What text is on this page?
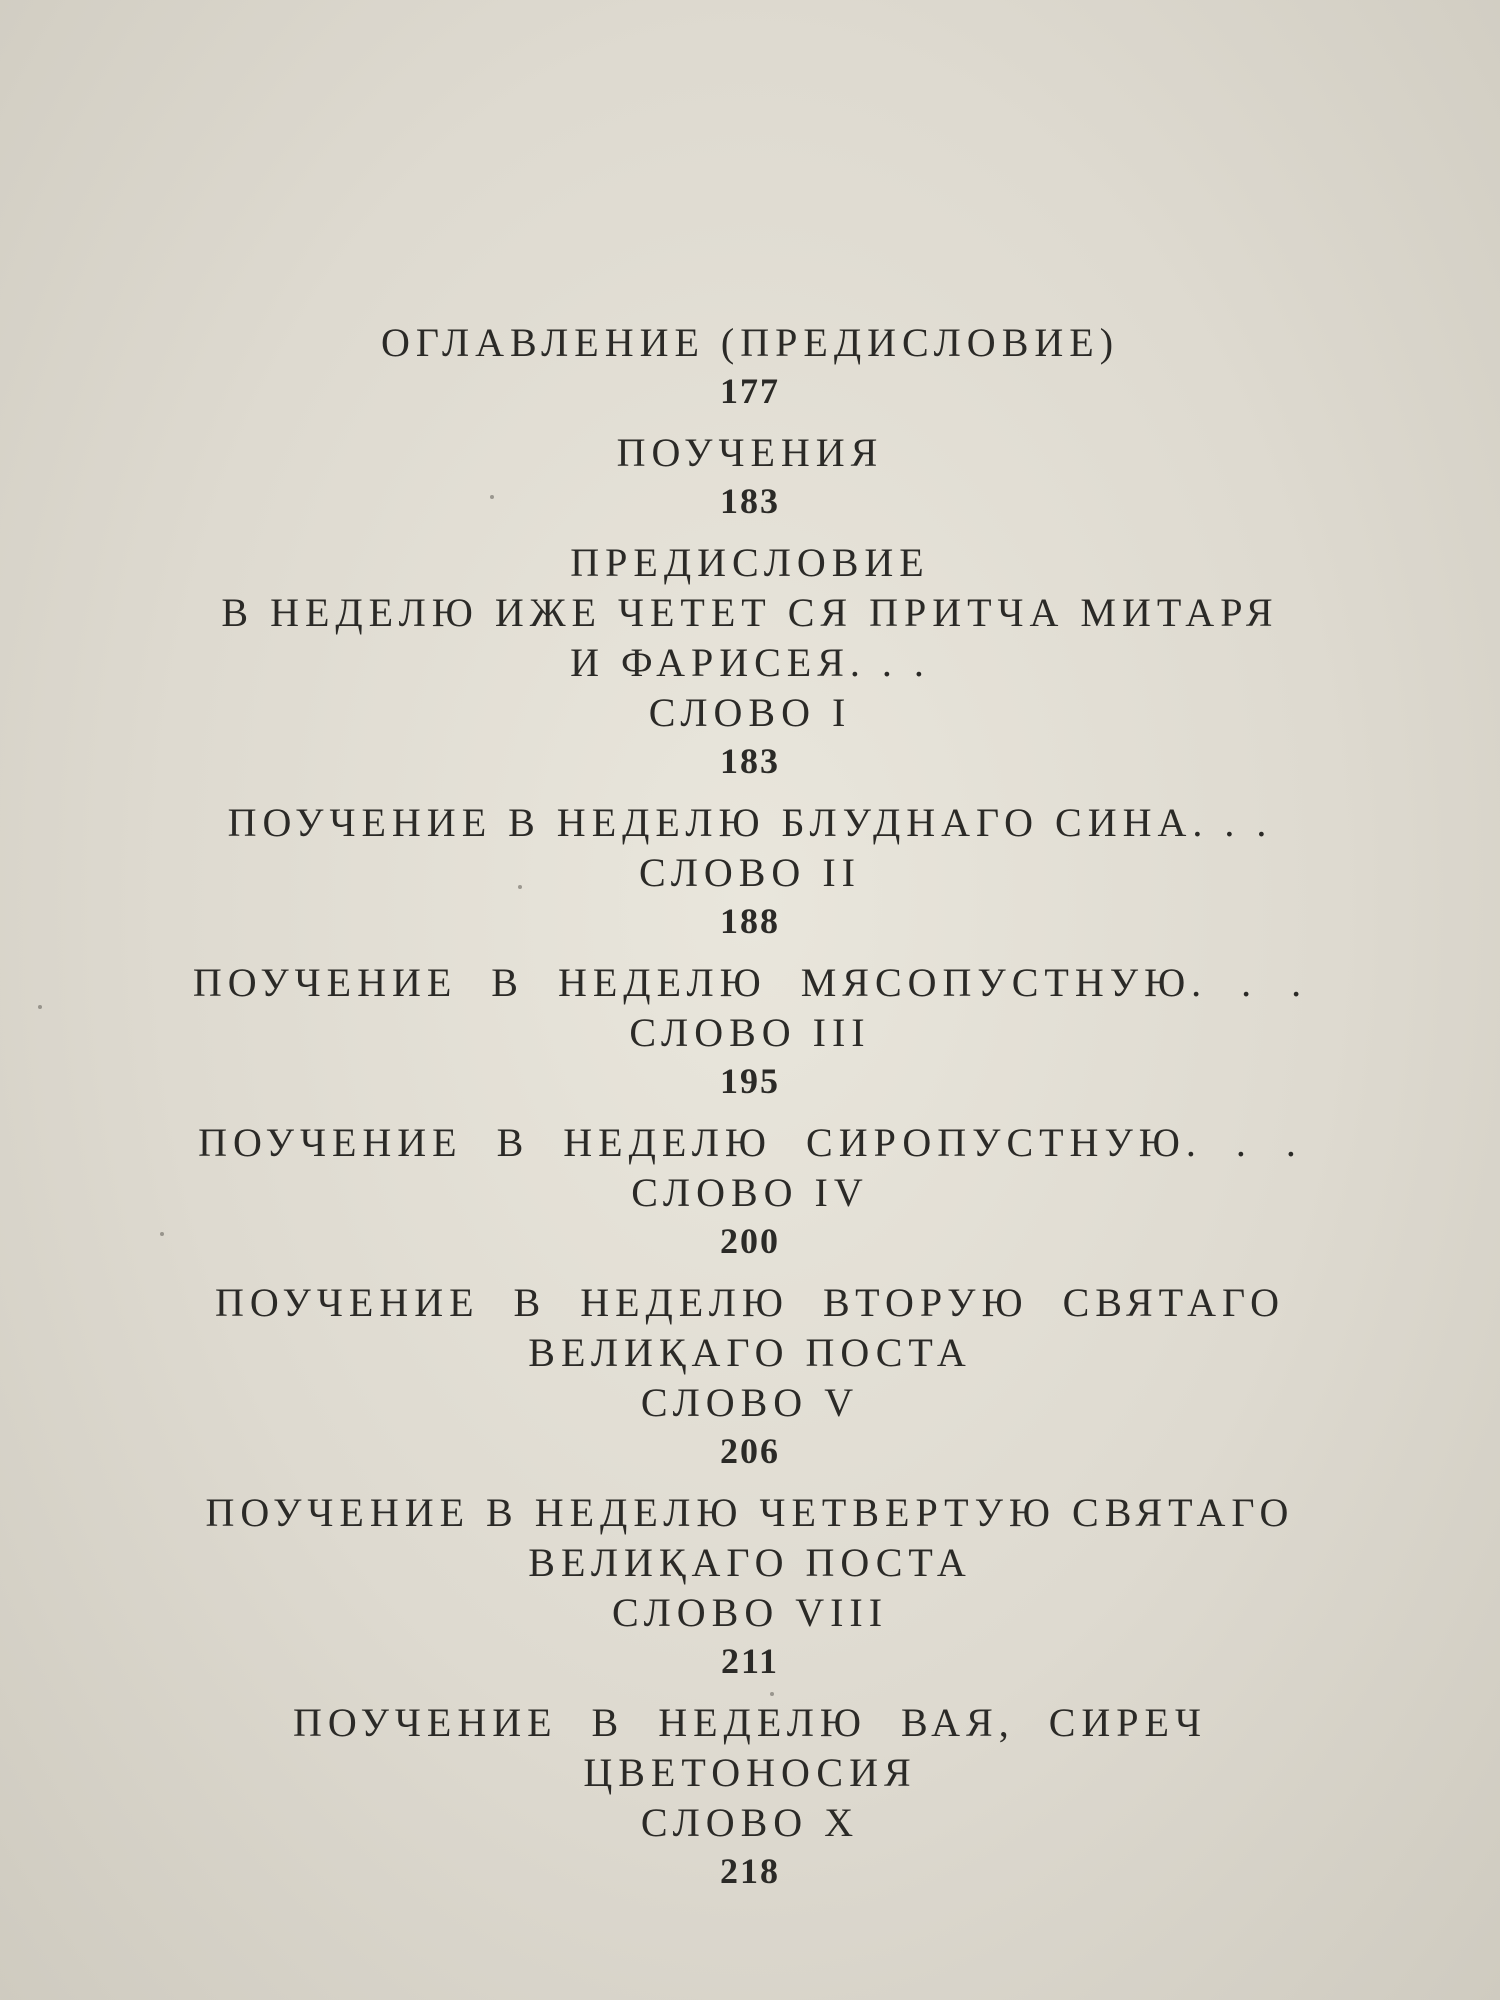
ОГЛАВЛЕНИЕ (ПРЕДИСЛОВИЕ)
177
ПОУЧЕНИЯ
183
ПРЕДИСЛОВИЕ
В НЕДЕЛЮ ИЖЕ ЧЕТЕТ СЯ ПРИТЧА МИТАРЯ
И ФАРИСЕЯ. . .
СЛОВО I
183
ПОУЧЕНИЕ В НЕДЕЛЮ БЛУДНАГО СИНА. . .
СЛОВО II
188
ПОУЧЕНИЕ В НЕДЕЛЮ МЯСОПУСТНУЮ. . .
СЛОВО III
195
ПОУЧЕНИЕ В НЕДЕЛЮ СИРОПУСТНУЮ. . .
СЛОВО IV
200
ПОУЧЕНИЕ В НЕДЕЛЮ ВТОРУЮ СВЯТАГО
ВЕЛИҚАГО ПОСТА
СЛОВО V
206
ПОУЧЕНИЕ В НЕДЕЛЮ ЧЕТВЕРТУЮ СВЯТАГО
ВЕЛИҚАГО ПОСТА
СЛОВО VIII
211
ПОУЧЕНИЕ В НЕДЕЛЮ ВАЯ, СИРЕЧ
ЦВЕТОНОСИЯ
СЛОВО X
218
